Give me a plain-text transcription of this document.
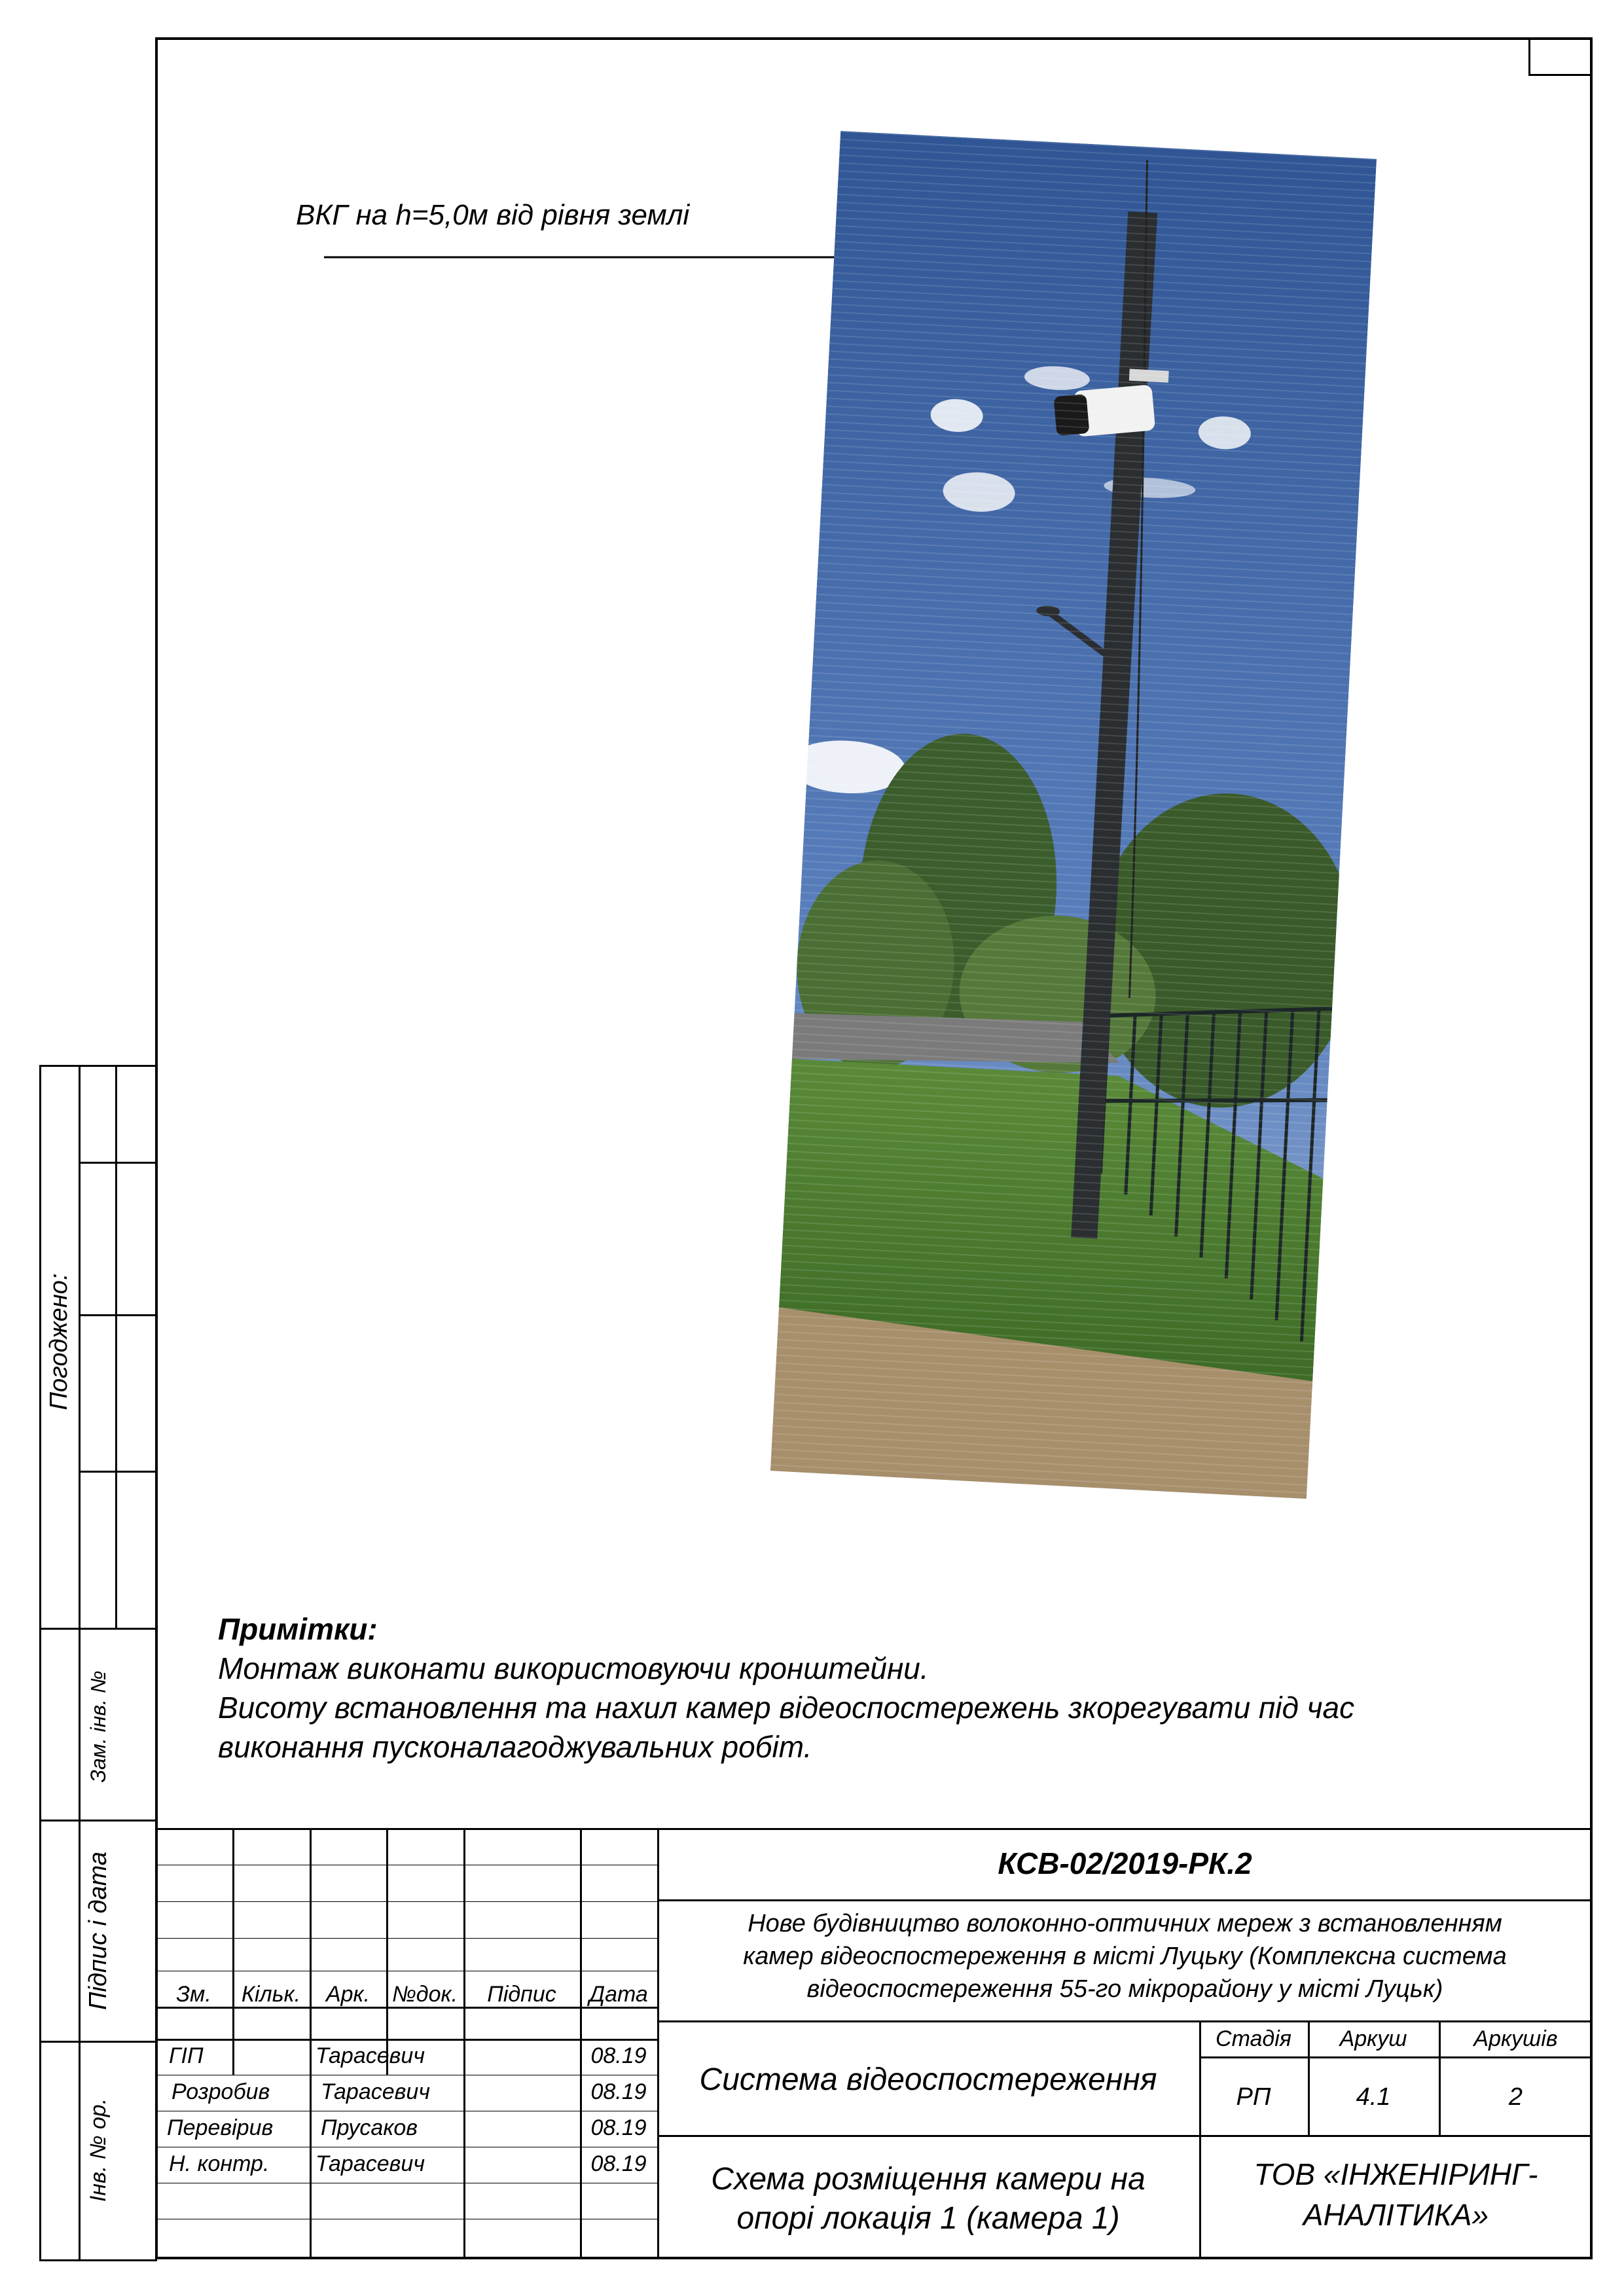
Погоджено:
Зам. інв. №
Підпис і дата
Інв. № ор.
ВКГ на h=5,0м від рівня землі
Примітки:
Монтаж виконати використовуючи кронштейни.
Висоту встановлення та нахил камер відеоспостережень зкорегувати під час
виконання пусконалагоджувальних робіт.
КСВ-02/2019-РК.2
Нове будівництво волоконно-оптичних мереж з встановленням
камер відеоспостереження в місті Луцьку (Комплексна система
відеоспостереження 55-го мікрорайону у місті Луцьк)
Зм.	Кільк.	Арк. №док.	Підпис	Дата
ГІП	Тарасевич	08.19
Розробив Тарасевич	08.19
Перевірив Прусаков	08.19
Н. контр. Тарасевич	08.19
Система відеоспостереження
Стадія	Аркуш	Аркушів
РП	4.1	2
Схема розміщення камери на
опорі локація 1 (камера 1)
ТОВ «ІНЖЕНІРИНГ-
АНАЛІТИКА»
